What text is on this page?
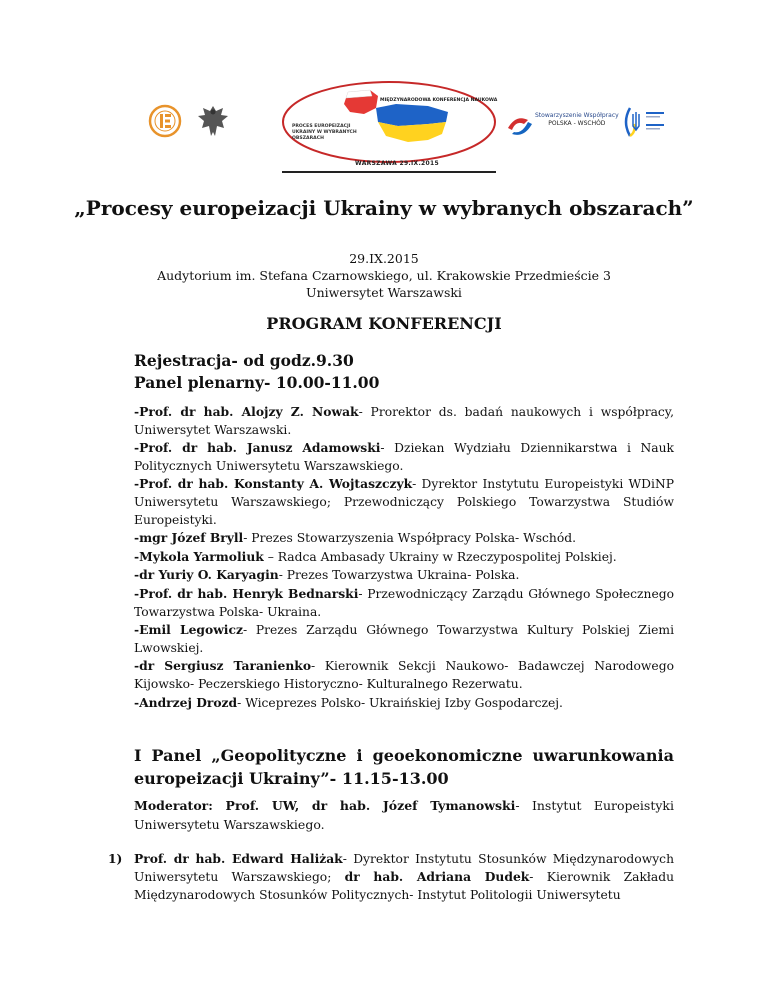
MIĘDZYNARODOWA KONFERENCJA NAUKOWA
PROCES EUROPEIZACJI UKRAINY W WYBRANYCH OBSZARACH
WARSZAWA 29.IX.2015
Stowarzyszenie Współpracy
POLSKA - WSCHÓD
„Procesy europeizacji Ukrainy w wybranych obszarach”
29.IX.2015
Audytorium im. Stefana Czarnowskiego, ul. Krakowskie Przedmieście 3
Uniwersytet Warszawski
PROGRAM KONFERENCJI
Rejestracja- od godz.9.30
Panel plenarny- 10.00-11.00

-Prof. dr hab. Alojzy Z. Nowak- Prorektor ds. badań naukowych i współpracy, Uniwersytet Warszawski.

-Prof. dr hab. Janusz Adamowski- Dziekan Wydziału Dziennikarstwa i Nauk Politycznych Uniwersytetu Warszawskiego.

-Prof. dr hab. Konstanty A. Wojtaszczyk- Dyrektor Instytutu Europeistyki WDiNP Uniwersytetu Warszawskiego; Przewodniczący Polskiego Towarzystwa Studiów Europeistyki.

-mgr Józef Bryll- Prezes Stowarzyszenia Współpracy Polska- Wschód.

-Mykola Yarmoliuk – Radca Ambasady Ukrainy w Rzeczypospolitej Polskiej.

-dr Yuriy O. Karyagin- Prezes Towarzystwa Ukraina- Polska.

-Prof. dr hab. Henryk Bednarski- Przewodniczący Zarządu Głównego Społecznego Towarzystwa Polska- Ukraina.

-Emil Legowicz- Prezes Zarządu Głównego Towarzystwa Kultury Polskiej Ziemi Lwowskiej.

-dr Sergiusz Taranienko- Kierownik Sekcji Naukowo- Badawczej Narodowego Kijowsko- Peczerskiego Historyczno- Kulturalnego Rezerwatu.

-Andrzej Drozd- Wiceprezes Polsko- Ukraińskiej Izby Gospodarczej.

I Panel „Geopolityczne i geoekonomiczne uwarunkowania europeizacji Ukrainy”- 11.15-13.00
Moderator: Prof. UW, dr hab. Józef Tymanowski- Instytut Europeistyki Uniwersytetu Warszawskiego.
1) Prof. dr hab. Edward Haliżak- Dyrektor Instytutu Stosunków Międzynarodowych Uniwersytetu Warszawskiego; dr hab. Adriana Dudek- Kierownik Zakładu Międzynarodowych Stosunków Politycznych- Instytut Politologii Uniwersytetu
